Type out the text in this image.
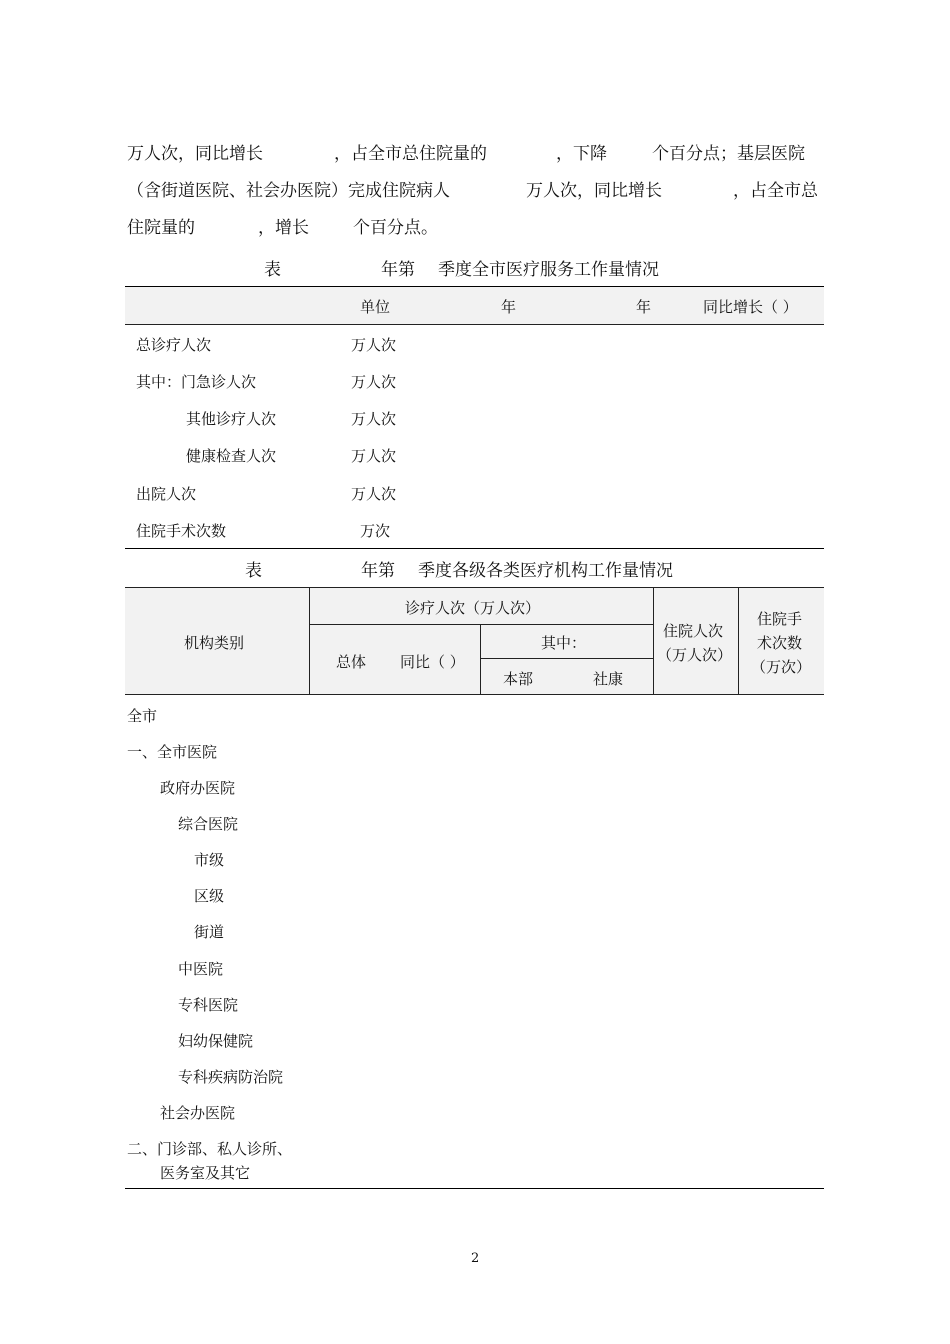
万人次，同比增长	，占全市总住院量的	，下降	个百分点；基层医院
（含街道医院、社会办医院）完成住院病人	万人次，同比增长	，占全市总
住院量的	，增长	个百分点。
表	年第 季度全市医疗服务工作量情况
单位	年	年	同比增长（ ）
总诊疗人次	万人次
其中：门急诊人次	万人次
其他诊疗人次	万人次
健康检查人次	万人次
出院人次	万人次
住院手术次数	万次
表	年第 季度各级各类医疗机构工作量情况
机构类别
诊疗人次（万人次）
总体 同比（ ）
其中：
本部	社康
住院人次
（万人次）
住院手
术次数
（万次）
全市
一、全市医院
政府办医院
综合医院
市级
区级
街道
中医院
专科医院
妇幼保健院
专科疾病防治院
社会办医院
二、门诊部、私人诊所、
医务室及其它
2
